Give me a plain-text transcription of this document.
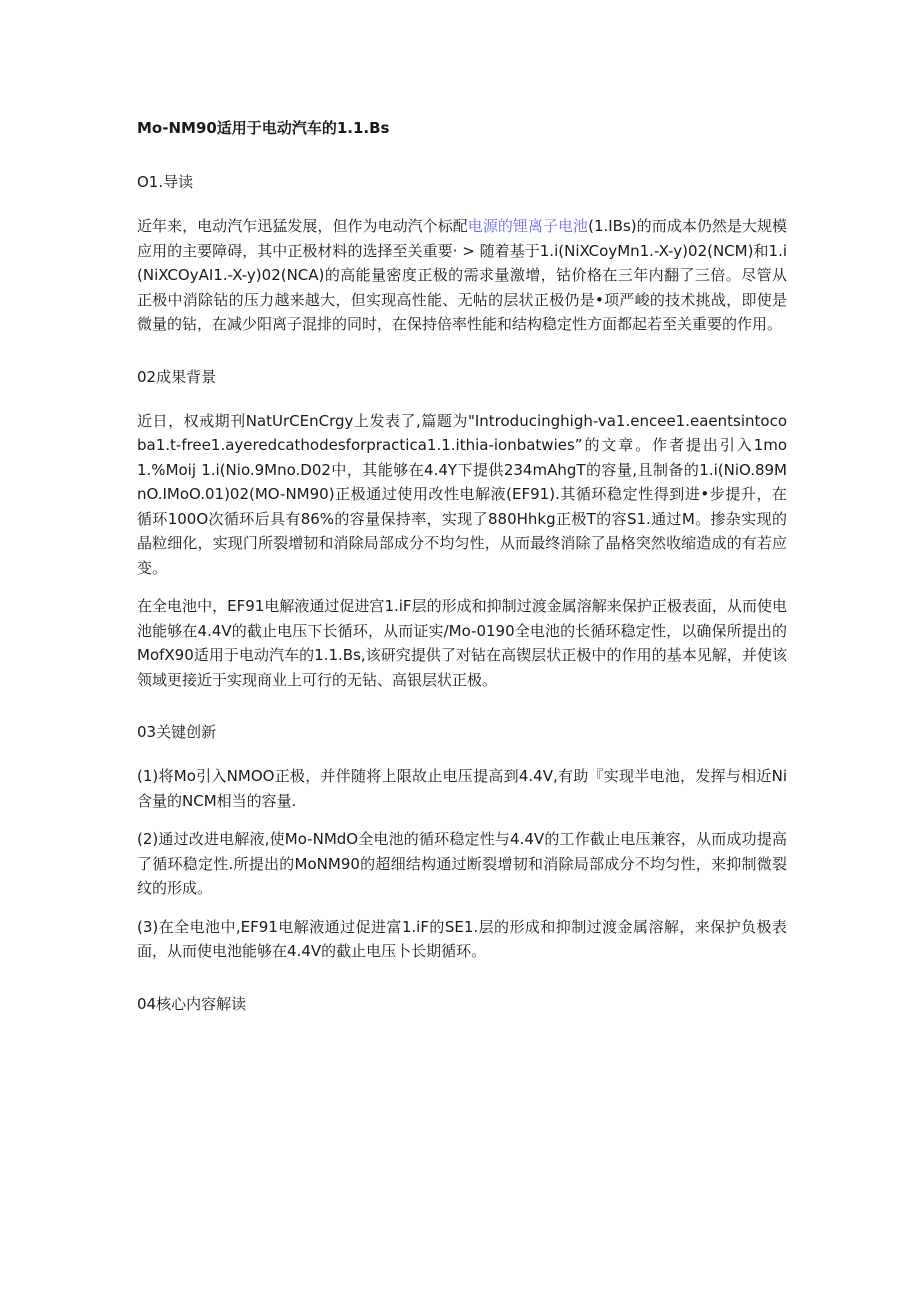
Mo-NM90适用于电动汽车的1.1.Bs
O1.导读

近年来，电动汽乍迅猛发展，但作为电动汽个标配电源的锂离子电池(1.IBs)的而成本仍然是大规模应用的主要障碍，其中正极材料的选择至关重要· > 随着基于1.i(NiXCoyMn1.-X-y)02(NCM)和1.i(NiXCOyAI1.-X-y)02(NCA)的高能量密度正极的需求量激增，钴价格在三年内翻了三倍。尽管从正极中消除钻的压力越来越大，但实现高性能、无帖的层状正极仍是•项严峻的技术挑战，即使是微量的钻，在减少阳离子混排的同时，在保持倍率性能和结构稳定性方面都起若至关重要的作用。

02成果背景

近日，权戒期刊NatUrCEnCrgy上发表了,篇题为"Introducinghigh-va1.encee1.eaentsintocoba1.t-free1.ayeredcathodesforpractica1.1.ithia-ionbatwies”的文章。作者提出引入1mo1.%Moij 1.i(Nio.9Mno.D02中，其能够在4.4Y下提供234mAhgT的容量,且制备的1.i(NiO.89MnO.IMoO.01)02(MO-NM90)正极通过使用改性电解液(EF91).其循环稳定性得到进•步提升，在循环100O次循环后具有86%的容量保持率，实现了880Hhkg正极T的容S1.通过M。掺杂实现的晶粒细化，实现门所裂增韧和消除局部成分不均匀性，从而最终消除了晶格突然收缩造成的有若应变。

在全电池中，EF91电解液通过促进宫1.iF层的形成和抑制过渡金属溶解来保护正极表面，从而使电池能够在4.4V的截止电压下长循环，从而证实/Mo-0190全电池的长循环稳定性，以确保所提出的MofX90适用于电动汽车的1.1.Bs,该研究提供了对钻在高锲层状正极中的作用的基本见解，并使该领域更接近于实现商业上可行的无钻、高银层状正极。

03关键创新

(1)将Mo引入NMOO正极，并伴随将上限故止电压提高到4.4V,有助『实现半电池，发挥与相近Ni含量的NCM相当的容量.

(2)通过改进电解液,使Mo-NMdO全电池的循环稳定性与4.4V的工作截止电压兼容，从而成功提高了循环稳定性.所提出的MoNM90的超细结构通过断裂增韧和消除局部成分不均匀性，来抑制微裂纹的形成。

(3)在全电池中,EF91电解液通过促进富1.iF的SE1.层的形成和抑制过渡金属溶解，来保护负极表面，从而使电池能够在4.4V的截止电压卜长期循环。

04核心内容解读
